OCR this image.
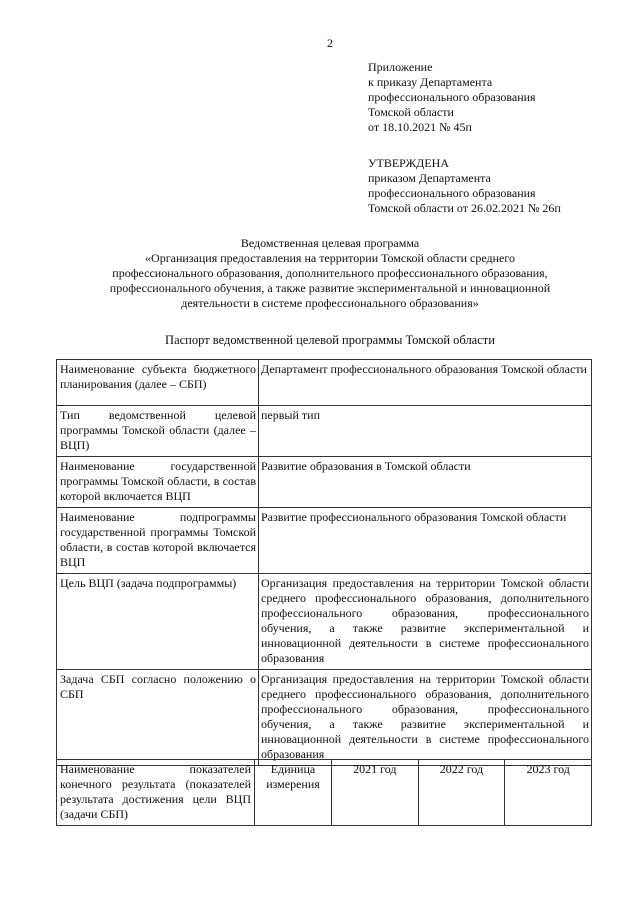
2
Приложение
к приказу Департамента
профессионального образования
Томской области
от 18.10.2021 № 45п
УТВЕРЖДЕНА
приказом Департамента
профессионального образования
Томской области от 26.02.2021 № 26п
Ведомственная целевая программа
«Организация предоставления на территории Томской области среднего
профессионального образования, дополнительного профессионального образования,
профессионального обучения, а также развитие экспериментальной и инновационной
деятельности в системе профессионального образования»
Паспорт ведомственной целевой программы Томской области
Наименование субъекта бюджетного планирования (далее – СБП)	Департамент профессионального образования Томской области
Тип ведомственной целевой программы Томской области (далее – ВЦП)	первый тип
Наименование государственной программы Томской области, в состав которой включается ВЦП	Развитие образования в Томской области
Наименование подпрограммы государственной программы Томской области, в состав которой включается ВЦП	Развитие профессионального образования Томской области
Цель ВЦП (задача подпрограммы)	Организация предоставления на территории Томской области среднего профессионального образования, дополнительного профессионального образования, профессионального обучения, а также развитие экспериментальной и инновационной деятельности в системе профессионального образования
Задача СБП согласно положению о СБП	Организация предоставления на территории Томской области среднего профессионального образования, дополнительного профессионального образования, профессионального обучения, а также развитие экспериментальной и инновационной деятельности в системе профессионального образования
Наименование показателей конечного результата (показателей результата достижения цели ВЦП (задачи СБП)	Единица измерения	2021 год	2022 год	2023 год
